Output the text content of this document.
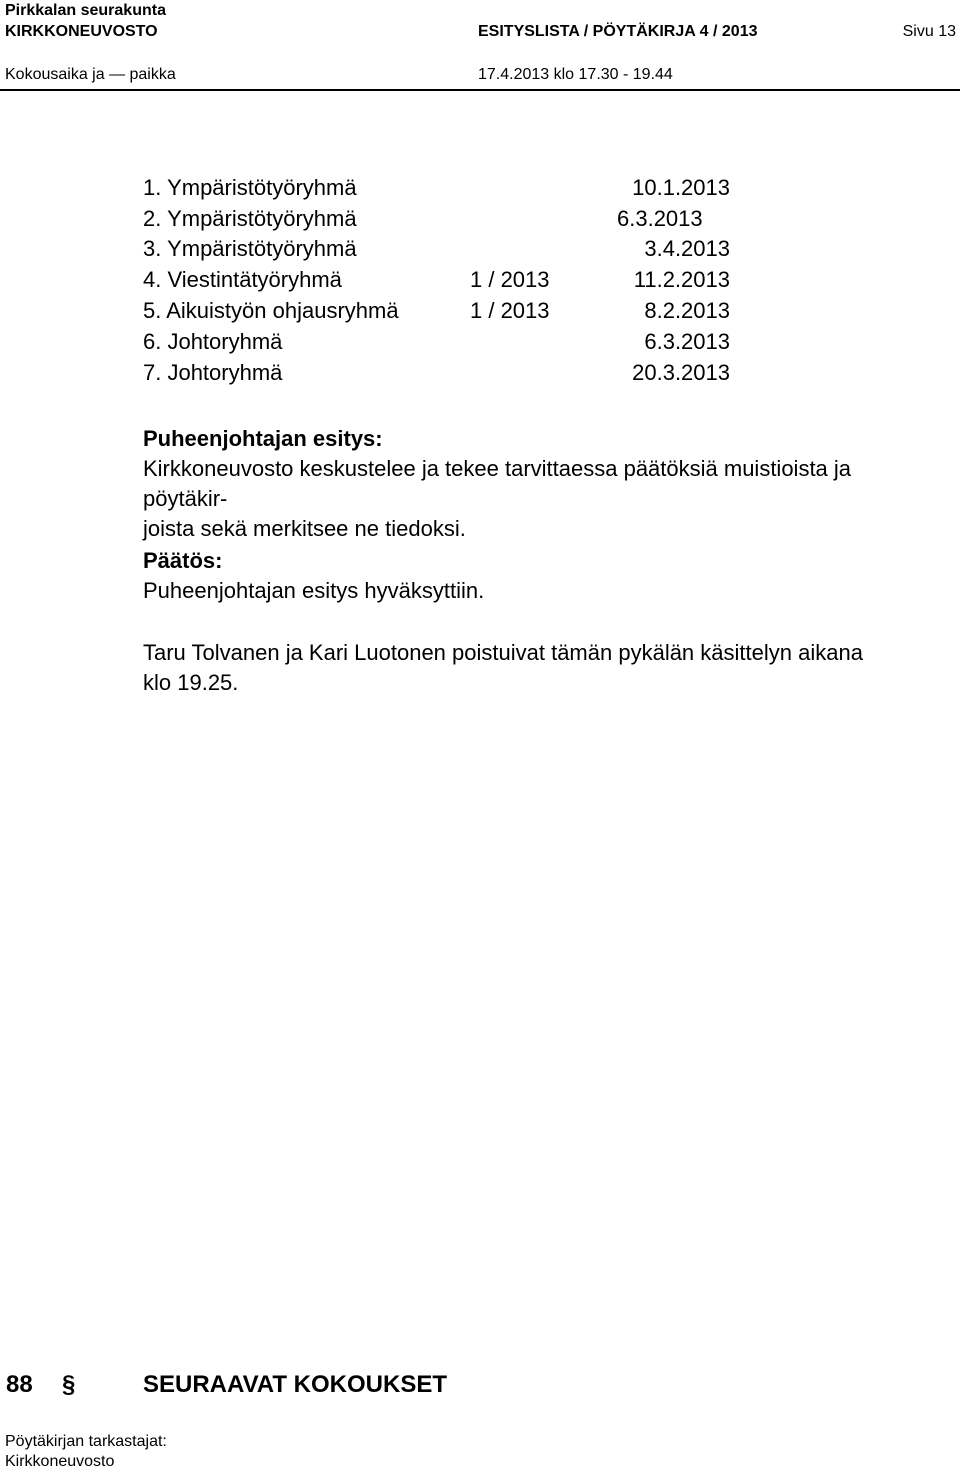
Pirkkalan seurakunta
KIRKKONEUVOSTO	ESITYSLISTA / PÖYTÄKIRJA 4 / 2013	Sivu 13
Kokousaika ja — paikka	17.4.2013 klo 17.30 - 19.44
1. Ympäristötyöryhmä	10.1.2013
2. Ympäristötyöryhmä	6.3.2013
3. Ympäristötyöryhmä	3.4.2013
4. Viestintätyöryhmä	1 / 2013	11.2.2013
5. Aikuistyön ohjausryhmä	1 / 2013	8.2.2013
6. Johtoryhmä	6.3.2013
7. Johtoryhmä	20.3.2013
Puheenjohtajan esitys:
Kirkkoneuvosto keskustelee ja tekee tarvittaessa päätöksiä muistioista ja pöytäkir-
joista sekä merkitsee ne tiedoksi.
Päätös:
Puheenjohtajan esitys hyväksyttiin.
Taru Tolvanen ja Kari Luotonen poistuivat tämän pykälän käsittelyn aikana
klo 19.25.
88 §	SEURAAVAT KOKOUKSET
Pöytäkirjan tarkastajat:
Kirkkoneuvosto
